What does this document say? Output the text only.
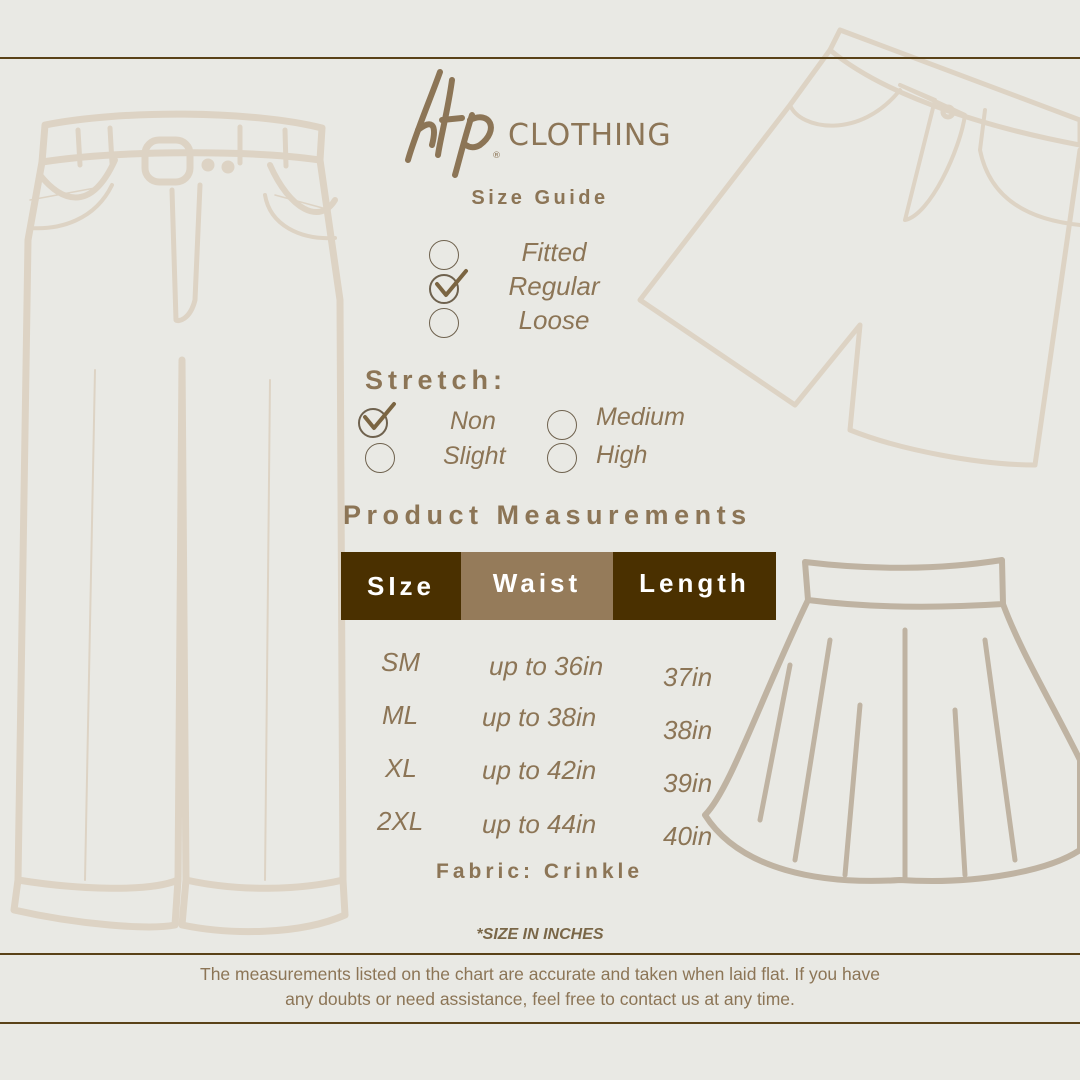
®
CLOTHING
Size Guide
Fitted
Regular
Loose
Stretch:
Non
Slight
Medium
High
Product Measurements
SIze	Waist	Length
SM	up to 36in 37in
ML up to 38in	38in
XL	up to 42in	39in
2XL up to 44in	40in
Fabric: Crinkle
*SIZE IN INCHES
The measurements listed on the chart are accurate and taken when laid flat. If you have
any doubts or need assistance, feel free to contact us at any time.
